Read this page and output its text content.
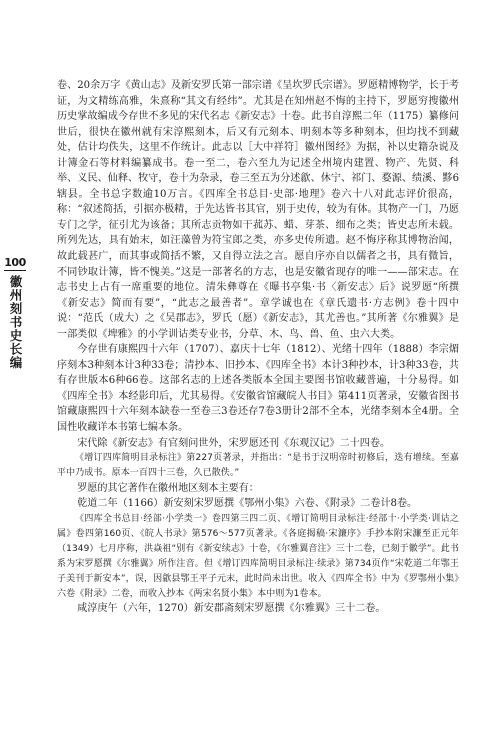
100
徽州刻书史长编

卷、20余万字《黄山志》及新安罗氏第一部宗谱《呈坎罗氏宗谱》。罗愿精博物学，长于考证，为文精练高雅，朱熹称“其文有经纬”。尤其是在知州赵不悔的主持下，罗愿穷搜徽州历史掌故编成今存世不多见的宋代名志《新安志》十卷。此书自淳熙二年（1175）纂修问世后，很快在徽州就有宋淳熙刻本，后又有元刻本、明刻本等多种刻本，但均找不到藏处，估计均佚失，这里不作统计。此志以［大中祥符］徽州图经》为据，补以史籍杂说及计簿金石等材料编纂成书。卷一至二，卷六至九为记述全州境内建置、物产、先贤、科举、义民、仙释、牧守，卷十为杂录，卷三至五为分述歙、休宁、祁门、婺源、绩溪、黟6辖县。全书总字数逾10万言。《四库全书总目·史部·地理》卷六十八对此志评价很高，称：“叙述简括，引据亦极精，于先达皆书其官，别于史传，较为有体。其物产一门，乃愿专门之学，征引尤为该备；其所志贡物如干菰苏、蜡、芽茶、细布之类；皆史志所未载。所列先达，具有始末，如汪藻曾为符宝郎之类，亦多史传所遗。赵不悔序称其博物治闻，故此载甚广，而其事或简括不繁，又自得立法之言。愿自序亦自以儒者之书，具有微旨，不同钞取计簿，皆不愧美。”这是一部著名的方志，也是安徽省现存的唯一——部宋志。在志书史上占有一席重要的地位。清朱彝尊在《曝书亭集·书〈新安志〉后》说罗愿“所撰《新安志》简而有要”，“此志之最善者”。章学诚也在《章氏遗书·方志例》卷十四中说：“范氏（成大）之《吴郡志》，罗氏（愿）《新安志》，其尤善也。”其所著《尔雅翼》是一部类似《埤雅》的小学训诂类专业书，分草、木、鸟、兽、鱼、虫六大类。

今存世有康熙四十六年（1707）、嘉庆十七年（1812）、光绪十四年（1888）李宗煝序刻本3种刻本计3种33卷；清抄本、旧抄本、《四库全书》本计3种抄本，计3种33卷，共有存世版本6种66卷。这部名志的上述各类版本全国主要图书馆收藏普遍，十分易得。如《四库全书》本经影印后，尤其易得。《安徽省馆藏皖人书目》第411页著录，安徽省图书馆藏康熙四十六年刻本缺卷一至卷三3卷还存7卷3册计2部不全本，光绪李刻本全4册。全国性收藏详本书第七编本条。

宋代除《新安志》有官刻问世外，宋罗愿还刊《东观汉记》二十四卷。

《增订四库简明目录标注》第227页著录，并指出：“是书于汉明帝时初修后，迭有增续。至嘉平中乃成书。原本一百四十三卷，久已散佚。”

罗愿的其它著作在徽州地区刻本主要有：

乾道二年（1166）新安刻宋罗愿撰《鄂州小集》六卷、《附录》二卷计8卷。

《四库全书总目·经部·小学类一》卷四第三四二页、《增订简明目录标注·经部十·小学类·训诂之属》卷四第160页、《皖人书录》第576～577页著录。《各庭揭稿·宋濂序》手抄本附宋濂至正元年（1349）七月序称，洪焱祖“别有《新安续志》十卷，《尔雅翼音注》三十二卷，已刻于徽学”。此书系为宋罗愿撰《尔雅翼》所作注音。但《增订四库简明目录标注·续录》第734页作“宋乾道二年鄂王子美刊于新安本”，误，因歙县鄂王平子元末，此时尚未出世。收入《四库全书》中为《罗鄂州小集》六卷《附录》二卷，而收入抄本《两宋名贤小集》本中则为1卷本。

咸淳庚午（六年，1270）新安郡斋刻宋罗愿撰《尔雅翼》三十二卷。
